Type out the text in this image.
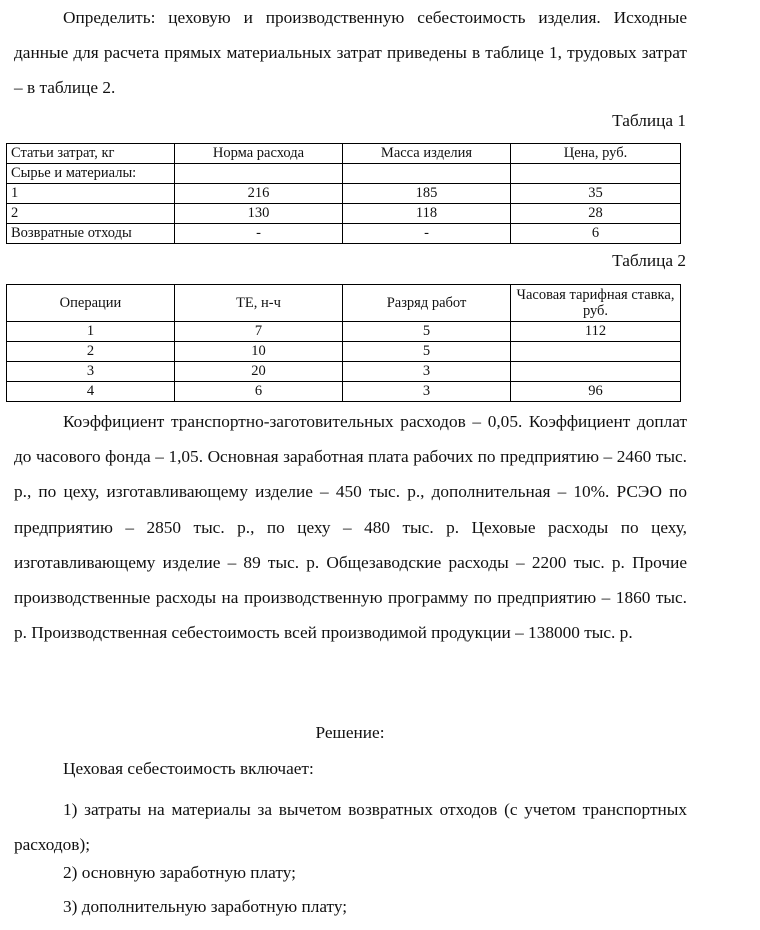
Определить: цеховую и производственную себестоимость изделия. Исходные данные для расчета прямых материальных затрат приведены в таблице 1, трудовых затрат – в таблице 2.

Таблица 1
Статьи затрат, кг	Норма расхода	Масса изделия	Цена, руб.
Сырье и материалы:			
1	216	185	35
2	130	118	28
Возвратные отходы	-	-	6
Таблица 2
Операции	ТЕ, н-ч	Разряд работ	Часовая тарифная ставка, руб.
1	7	5	112
2	10	5	
3	20	3	
4	6	3	96

Коэффициент транспортно-заготовительных расходов – 0,05. Коэффициент доплат до часового фонда – 1,05. Основная заработная плата рабочих по предприятию – 2460 тыс. р., по цеху, изготавливающему изделие – 450 тыс. р., дополнительная – 10%. РСЭО по предприятию – 2850 тыс. р., по цеху – 480 тыс. р. Цеховые расходы по цеху, изготавливающему изделие – 89 тыс. р. Общезаводские расходы – 2200 тыс. р. Прочие производственные расходы на производственную программу по предприятию – 1860 тыс. р. Производственная себестоимость всей производимой продукции – 138000 тыс. р.

Решение:

Цеховая себестоимость включает:

1) затраты на материалы за вычетом возвратных отходов (с учетом транспортных расходов);

2) основную заработную плату;

3) дополнительную заработную плату;
